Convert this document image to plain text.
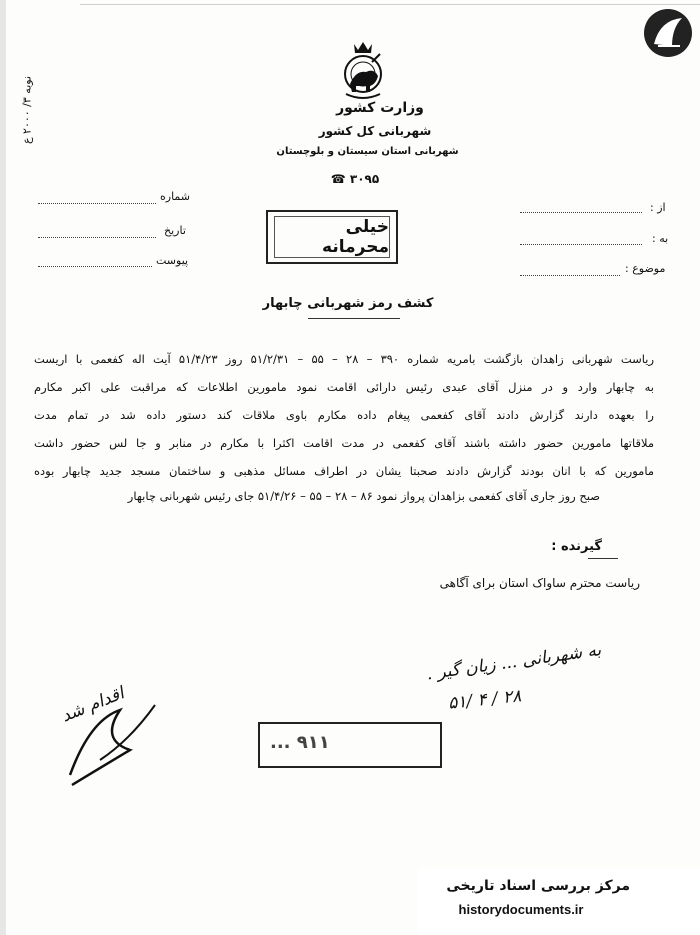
نوبه ۳/ ۲۰۰۰ ع
وزارت کشور
شهربانی کل کشور
شهربانی استان سیستان و بلوچستان
۳۰۹۵ ☎
شماره
تاریخ
پیوست
از :
به :
موضوع :
خیلی محرمانه
کشف رمز شهربانی چابهار
ریاست شهربانی زاهدان بازگشت بامریه شماره ۳۹۰ – ۲۸ – ۵۵ – ۵۱/۲/۳۱ روز ۵۱/۴/۲۳ آیت اله کفعمی با اریست
به چابهار وارد و در منزل آقای عبدی رئیس دارائی اقامت نمود مامورین اطلاعات که مراقبت علی اکبر مکارم
را بعهده دارند گزارش دادند آقای کفعمی پیغام داده مکارم باوی ملاقات کند دستور داده شد در تمام مدت
ملاقاتها مامورین حضور داشته باشند آقای کفعمی در مدت اقامت اکثرا با مکارم در منابر و جا لس حضور داشت
مامورین که با انان بودند گزارش دادند صحبتا یشان در اطراف مسائل مذهبی و ساختمان مسجد جدید چابهار بوده
صبح روز جاری آقای کفعمی بزاهدان پرواز نمود ۸۶ – ۲۸ – ۵۵ – ۵۱/۴/۲۶ جای رئیس شهربانی چابهار
گیرنده :
ریاست محترم ساواک استان برای آگاهی
به شهربانی ... زیان گیر .
۲۸ / ۴ /۵۱
اقدام شد
۹۱۱ ...
مرکز بررسی اسناد تاریخی
historydocuments.ir
